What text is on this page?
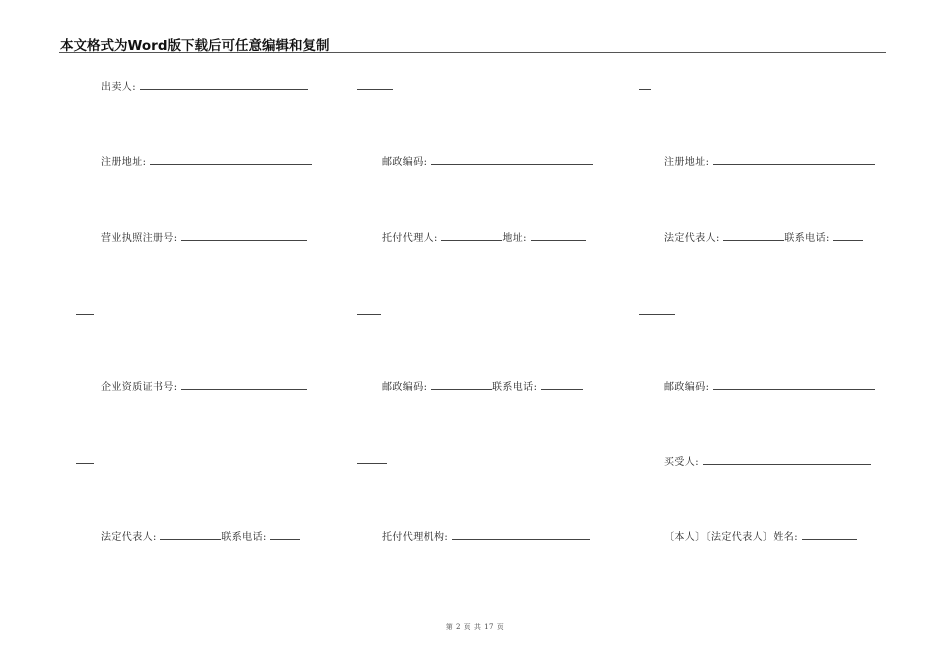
本文格式为Word版下载后可任意编辑和复制
出卖人:
注册地址:	邮政编码:	注册地址:
营业执照注册号:	托付代理人:	地址:	法定代表人:	联系电话:
企业资质证书号:	邮政编码:	联系电话:	邮政编码:
买受人:
法定代表人:	联系电话:	托付代理机构:	〔本人〕〔法定代表人〕姓名:
第 2 页 共 17 页
